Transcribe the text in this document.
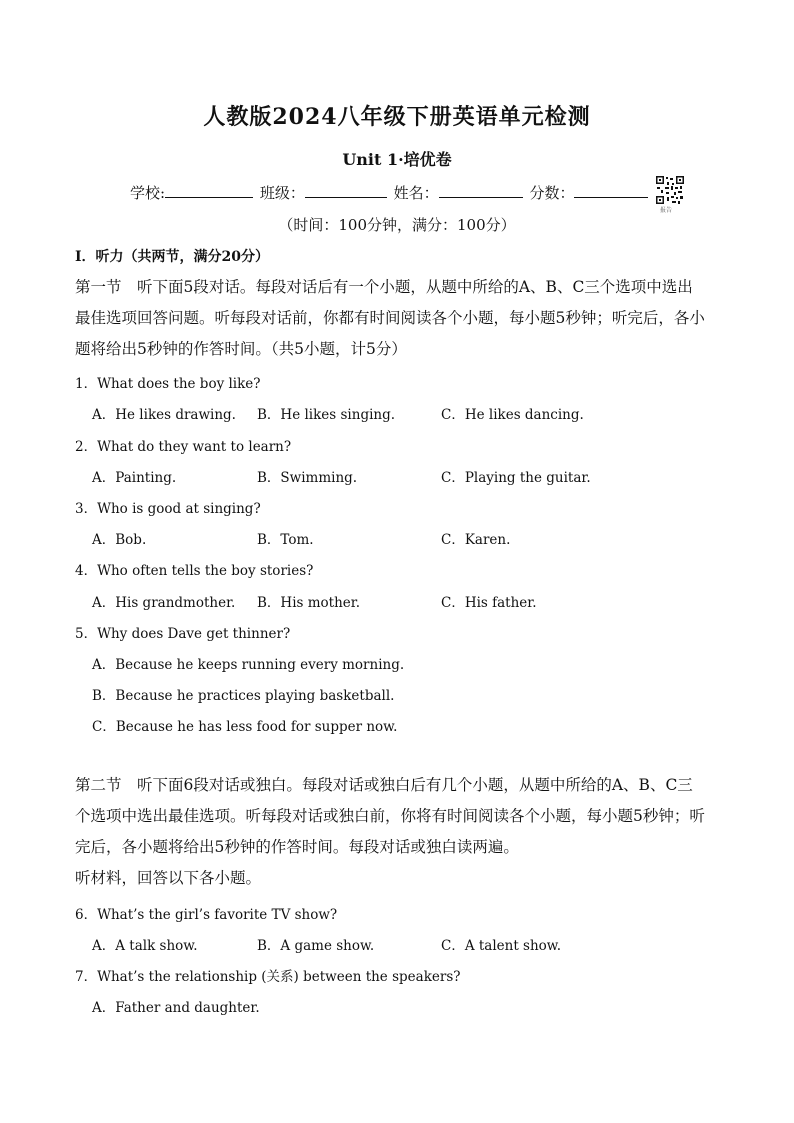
人教版2024八年级下册英语单元检测
Unit 1·培优卷
学校:	班级：	姓名：	分数：
报告
（时间：100分钟，满分：100分）
I．听力（共两节，满分20分）
第一节　听下面5段对话。每段对话后有一个小题，从题中所给的A、B、C三个选项中选出
最佳选项回答问题。听每段对话前，你都有时间阅读各个小题，每小题5秒钟；听完后，各小
题将给出5秒钟的作答时间。（共5小题，计5分）
1．What does the boy like?
A．He likes drawing. B．He likes singing.	C．He likes dancing.
2．What do they want to learn?
A．Painting.	B．Swimming.	C．Playing the guitar.
3．Who is good at singing?
A．Bob.	B．Tom.	C．Karen.
4．Who often tells the boy stories?
A．His grandmother. B．His mother.	C．His father.
5．Why does Dave get thinner?
A．Because he keeps running every morning.
B．Because he practices playing basketball.
C．Because he has less food for supper now.
第二节　听下面6段对话或独白。每段对话或独白后有几个小题，从题中所给的A、B、C三
个选项中选出最佳选项。听每段对话或独白前，你将有时间阅读各个小题，每小题5秒钟；听
完后，各小题将给出5秒钟的作答时间。每段对话或独白读两遍。
听材料，回答以下各小题。
6．What’s the girl’s favorite TV show?
A．A talk show.	B．A game show.	C．A talent show.
7．What’s the relationship (关系) between the speakers?
A．Father and daughter.
